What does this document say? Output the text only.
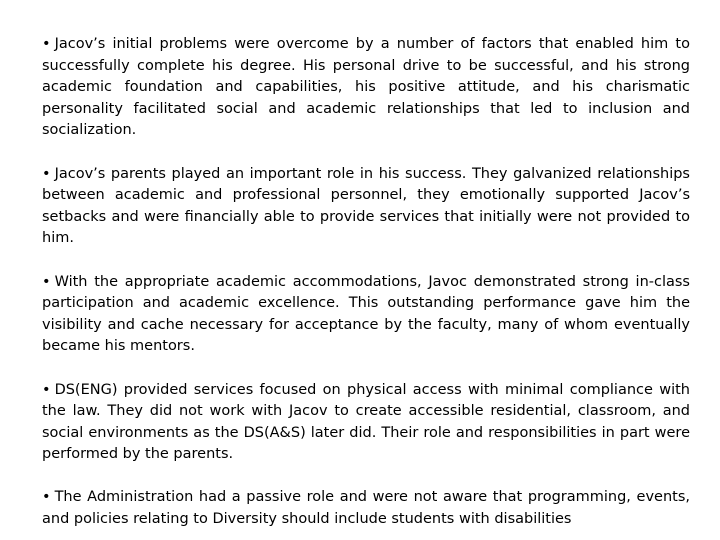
• Jacov’s initial problems were overcome by a number of factors that enabled him to successfully complete his degree. His personal drive to be successful, and his strong academic foundation and capabilities, his positive attitude, and his charismatic personality facilitated social and academic relationships that led to inclusion and socialization.

• Jacov’s parents played an important role in his success. They galvanized relationships between academic and professional personnel, they emotionally supported Jacov’s setbacks and were financially able to provide services that initially were not provided to him.

• With the appropriate academic accommodations, Javoc demonstrated strong in-class participation and academic excellence. This outstanding performance gave him the visibility and cache necessary for acceptance by the faculty, many of whom eventually became his mentors.

• DS(ENG) provided services focused on physical access with minimal compliance with the law. They did not work with Jacov to create accessible residential, classroom, and social environments as the DS(A&S) later did. Their role and responsibilities in part were performed by the parents.

• The Administration had a passive role and were not aware that programming, events, and policies relating to Diversity should include students with disabilities
